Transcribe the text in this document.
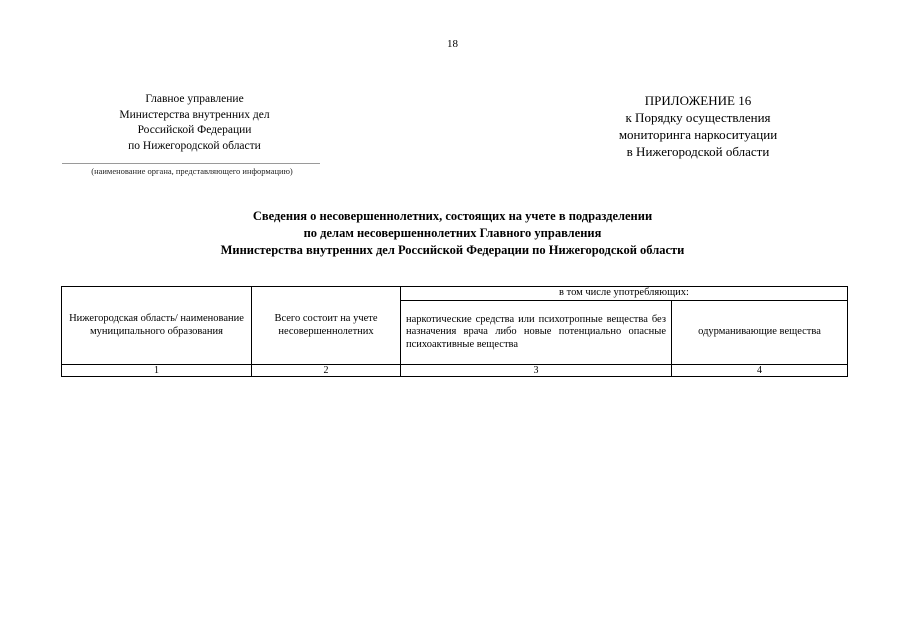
18
Главное управление
Министерства внутренних дел
Российской Федерации
по Нижегородской области
(наименование органа, представляющего информацию)
ПРИЛОЖЕНИЕ 16
к Порядку осуществления
мониторинга наркоситуации
в Нижегородской области
Сведения о несовершеннолетних, состоящих на учете в подразделении
по делам несовершеннолетних Главного управления
Министерства внутренних дел Российской Федерации по Нижегородской области
Нижегородская область/ наименование муниципального образования	Всего состоит на учете несовершеннолетних	в том числе употребляющих:	
		наркотические средства или психотропные вещества без назначения врача либо новые потенциально опасные психоактивные вещества	одурманивающие вещества
1	2	3	4
